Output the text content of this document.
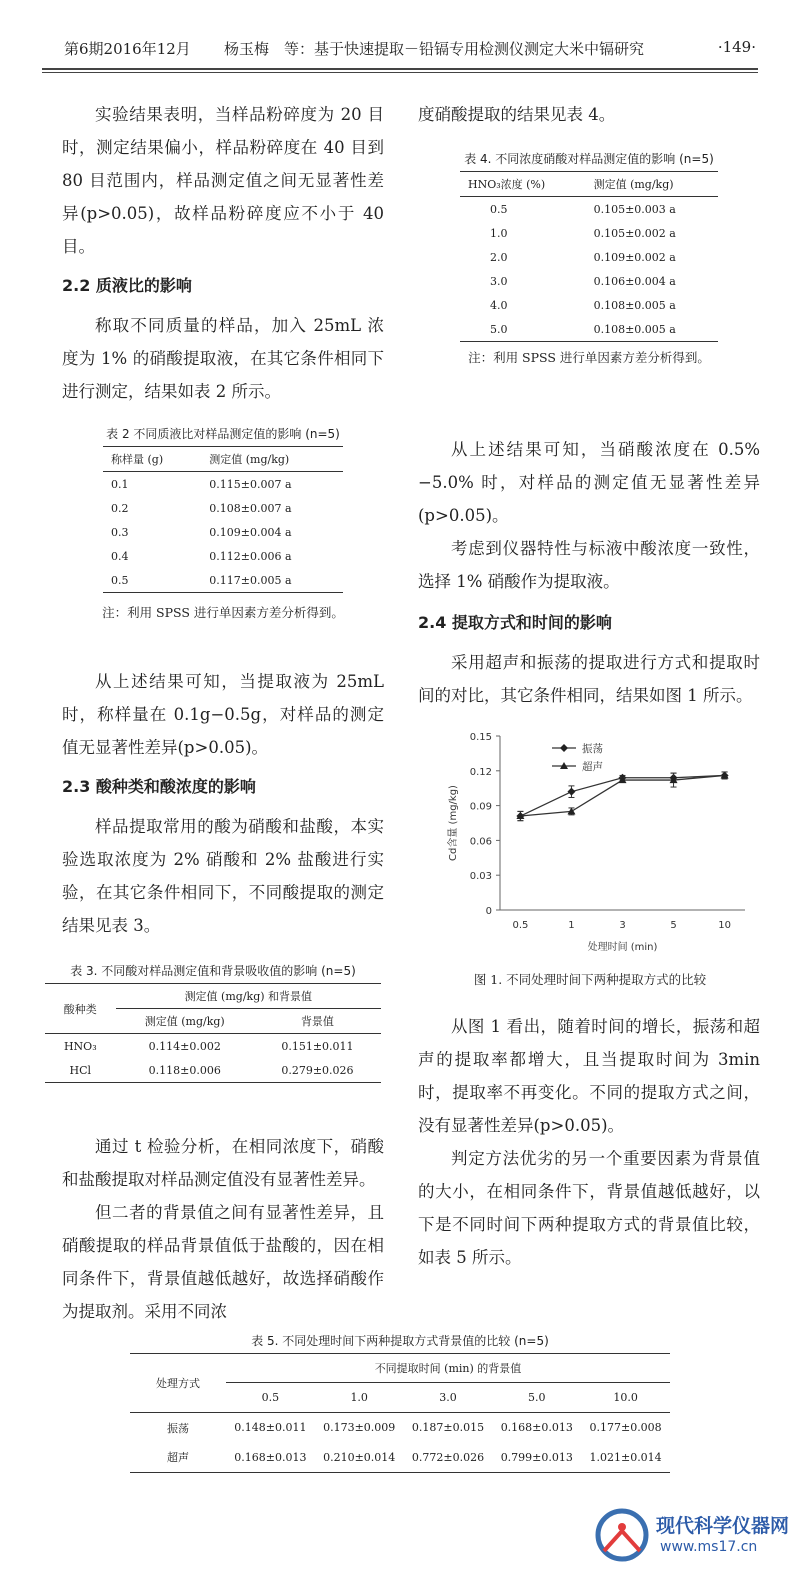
第6期2016年12月 杨玉梅　等：基于快速提取－铅镉专用检测仪测定大米中镉研究	·149·

实验结果表明，当样品粉碎度为 20 目时，测定结果偏小，样品粉碎度在 40 目到 80 目范围内，样品测定值之间无显著性差异(p>0.05)，故样品粉碎度应不小于 40 目。

2.2 质液比的影响

称取不同质量的样品，加入 25mL 浓度为 1% 的硝酸提取液，在其它条件相同下进行测定，结果如表 2 所示。

表 2 不同质液比对样品测定值的影响 (n=5)
称样量 (g)	测定值 (mg/kg)
0.1	0.115±0.007 a
0.2	0.108±0.007 a
0.3	0.109±0.004 a
0.4	0.112±0.006 a
0.5	0.117±0.005 a
注：利用 SPSS 进行单因素方差分析得到。

从上述结果可知，当提取液为 25mL 时，称样量在 0.1g−0.5g，对样品的测定值无显著性差异(p>0.05)。

2.3 酸种类和酸浓度的影响

样品提取常用的酸为硝酸和盐酸，本实验选取浓度为 2% 硝酸和 2% 盐酸进行实验，在其它条件相同下，不同酸提取的测定结果见表 3。

表 3. 不同酸对样品测定值和背景吸收值的影响 (n=5)
酸种类	测定值 (mg/kg) 和背景值	
	测定值 (mg/kg)	背景值
HNO₃	0.114±0.002	0.151±0.011
HCl	0.118±0.006	0.279±0.026

通过 t 检验分析，在相同浓度下，硝酸和盐酸提取对样品测定值没有显著性差异。

但二者的背景值之间有显著性差异，且硝酸提取的样品背景值低于盐酸的，因在相同条件下，背景值越低越好，故选择硝酸作为提取剂。采用不同浓

度硝酸提取的结果见表 4。

表 4. 不同浓度硝酸对样品测定值的影响 (n=5)
HNO₃浓度 (%)	测定值 (mg/kg)
0.5	0.105±0.003 a
1.0	0.105±0.002 a
2.0	0.109±0.002 a
3.0	0.106±0.004 a
4.0	0.108±0.005 a
5.0	0.108±0.005 a
注：利用 SPSS 进行单因素方差分析得到。

从上述结果可知，当硝酸浓度在 0.5%−5.0% 时，对样品的测定值无显著性差异(p>0.05)。

考虑到仪器特性与标液中酸浓度一致性，选择 1% 硝酸作为提取液。

2.4 提取方式和时间的影响

采用超声和振荡的提取进行方式和提取时间的对比，其它条件相同，结果如图 1 所示。

0
0.03
0.06
0.09
0.12
0.15
0.5	1	3	5	10
处理时间 (min)
Cd含量 (mg/kg)
振荡
超声
图 1. 不同处理时间下两种提取方式的比较

从图 1 看出，随着时间的增长，振荡和超声的提取率都增大，且当提取时间为 3min 时，提取率不再变化。不同的提取方式之间，没有显著性差异(p>0.05)。

判定方法优劣的另一个重要因素为背景值的大小，在相同条件下，背景值越低越好，以下是不同时间下两种提取方式的背景值比较，如表 5 所示。

表 5. 不同处理时间下两种提取方式背景值的比较 (n=5)
处理方式	不同提取时间 (min) 的背景值				
	0.5	1.0	3.0	5.0	10.0
振荡	0.148±0.011	0.173±0.009	0.187±0.015	0.168±0.013	0.177±0.008
超声	0.168±0.013	0.210±0.014	0.772±0.026	0.799±0.013	1.021±0.014
现代科学仪器网
www.ms17.cn
